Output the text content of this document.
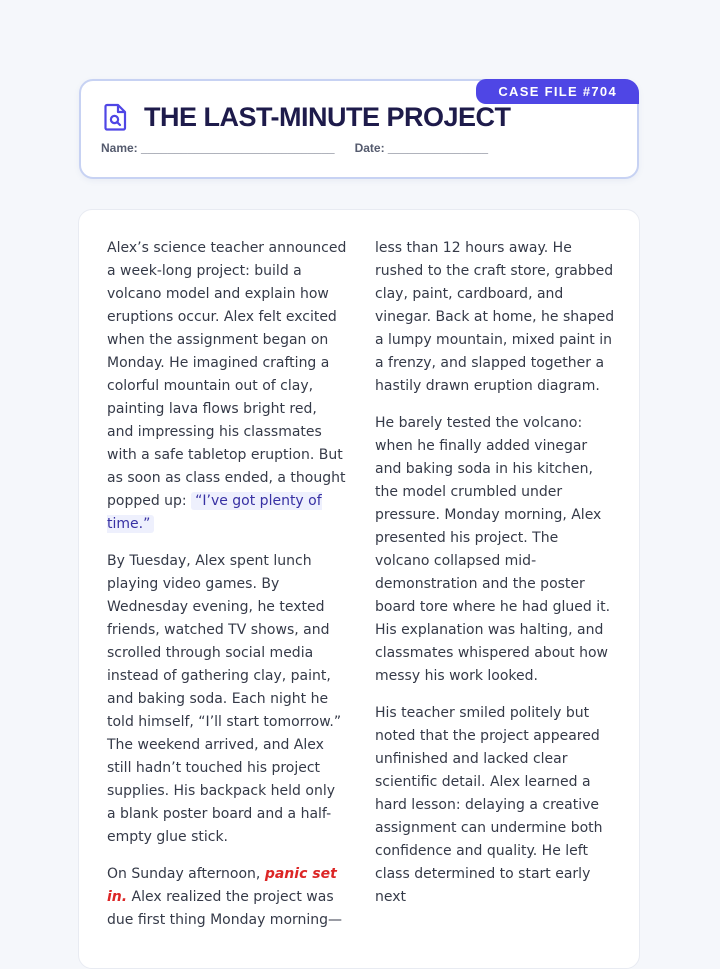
CASE FILE #704
THE LAST-MINUTE PROJECT
Name: _____________________________ Date: _______________

Alex’s science teacher announced a week-long project: build a volcano model and explain how eruptions occur. Alex felt excited when the assignment began on Monday. He imagined crafting a colorful mountain out of clay, painting lava flows bright red, and impressing his classmates with a safe tabletop eruption. But as soon as class ended, a thought popped up: “I’ve got plenty of time.”

By Tuesday, Alex spent lunch playing video games. By Wednesday evening, he texted friends, watched TV shows, and scrolled through social media instead of gathering clay, paint, and baking soda. Each night he told himself, “I’ll start tomorrow.” The weekend arrived, and Alex still hadn’t touched his project supplies. His backpack held only a blank poster board and a half-empty glue stick.

On Sunday afternoon, panic set in. Alex realized the project was due first thing Monday morning—less than 12 hours away. He rushed to the craft store, grabbed clay, paint, cardboard, and vinegar. Back at home, he shaped a lumpy mountain, mixed paint in a frenzy, and slapped together a hastily drawn eruption diagram.

He barely tested the volcano: when he finally added vinegar and baking soda in his kitchen, the model crumbled under pressure. Monday morning, Alex presented his project. The volcano collapsed mid-demonstration and the poster board tore where he had glued it. His explanation was halting, and classmates whispered about how messy his work looked.

His teacher smiled politely but noted that the project appeared unfinished and lacked clear scientific detail. Alex learned a hard lesson: delaying a creative assignment can undermine both confidence and quality. He left class determined to start early next
